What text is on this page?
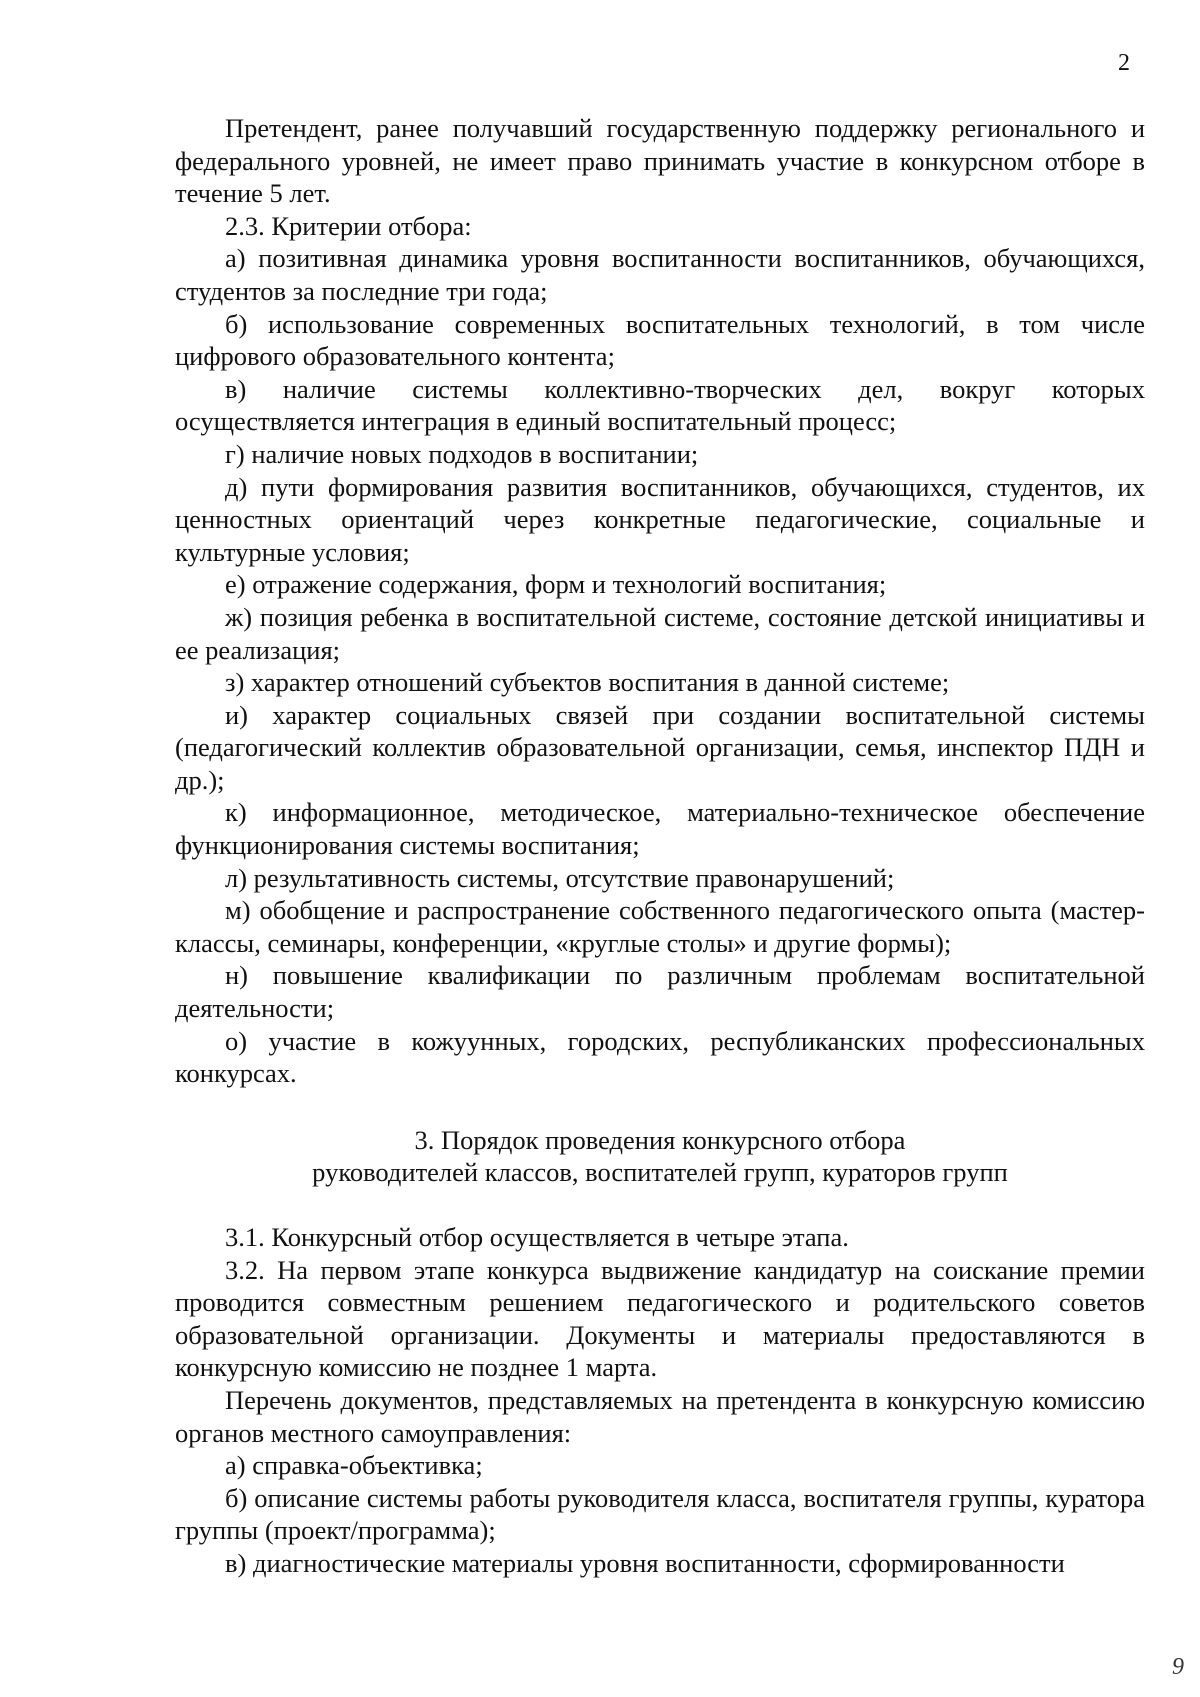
2

Претендент, ранее получавший государственную поддержку регионального и федерального уровней, не имеет право принимать участие в конкурсном отборе в течение 5 лет.

2.3. Критерии отбора:

а) позитивная динамика уровня воспитанности воспитанников, обучающихся, студентов за последние три года;

б) использование современных воспитательных технологий, в том числе цифрового образовательного контента;

в) наличие системы коллективно-творческих дел, вокруг которых осуществляется интеграция в единый воспитательный процесс;

г) наличие новых подходов в воспитании;

д) пути формирования развития воспитанников, обучающихся, студентов, их ценностных ориентаций через конкретные педагогические, социальные и культурные условия;

е) отражение содержания, форм и технологий воспитания;

ж) позиция ребенка в воспитательной системе, состояние детской инициативы и ее реализация;

з) характер отношений субъектов воспитания в данной системе;

и) характер социальных связей при создании воспитательной системы (педагогический коллектив образовательной организации, семья, инспектор ПДН и др.);

к) информационное, методическое, материально-техническое обеспечение функционирования системы воспитания;

л) результативность системы, отсутствие правонарушений;

м) обобщение и распространение собственного педагогического опыта (мастер-классы, семинары, конференции, «круглые столы» и другие формы);

н) повышение квалификации по различным проблемам воспитательной деятельности;

о) участие в кожуунных, городских, республиканских профессиональных конкурсах.

3. Порядок проведения конкурсного отбора
руководителей классов, воспитателей групп, кураторов групп

3.1. Конкурсный отбор осуществляется в четыре этапа.

3.2. На первом этапе конкурса выдвижение кандидатур на соискание премии проводится совместным решением педагогического и родительского советов образовательной организации. Документы и материалы предоставляются в конкурсную комиссию не позднее 1 марта.

Перечень документов, представляемых на претендента в конкурсную комиссию органов местного самоуправления:

а) справка-объективка;

б) описание системы работы руководителя класса, воспитателя группы, куратора группы (проект/программа);

в) диагностические материалы уровня воспитанности, сформированности

9
